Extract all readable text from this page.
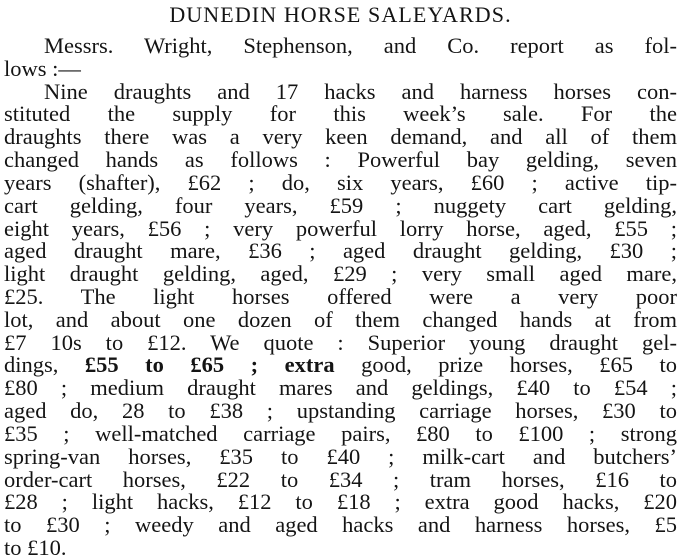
DUNEDIN HORSE SALEYARDS.
Messrs. Wright, Stephenson, and Co. report as fol-
lows :—
Nine draughts and 17 hacks and harness horses con-
stituted the supply for this week’s sale. For the
draughts there was a very keen demand, and all of them
changed hands as follows : Powerful bay gelding, seven
years (shafter), £62 ; do, six years, £60 ; active tip-
cart gelding, four years, £59 ; nuggety cart gelding,
eight years, £56 ; very powerful lorry horse, aged, £55 ;
aged draught mare, £36 ; aged draught gelding, £30 ;
light draught gelding, aged, £29 ; very small aged mare,
£25. The light horses offered were a very poor
lot, and about one dozen of them changed hands at from
£7 10s to £12. We quote : Superior young draught gel-
dings, £55 to £65 ; extra good, prize horses, £65 to
£80 ; medium draught mares and geldings, £40 to £54 ;
aged do, 28 to £38 ; upstanding carriage horses, £30 to
£35 ; well-matched carriage pairs, £80 to £100 ; strong
spring-van horses, £35 to £40 ; milk-cart and butchers’
order-cart horses, £22 to £34 ; tram horses, £16 to
£28 ; light hacks, £12 to £18 ; extra good hacks, £20
to £30 ; weedy and aged hacks and harness horses, £5
to £10.
